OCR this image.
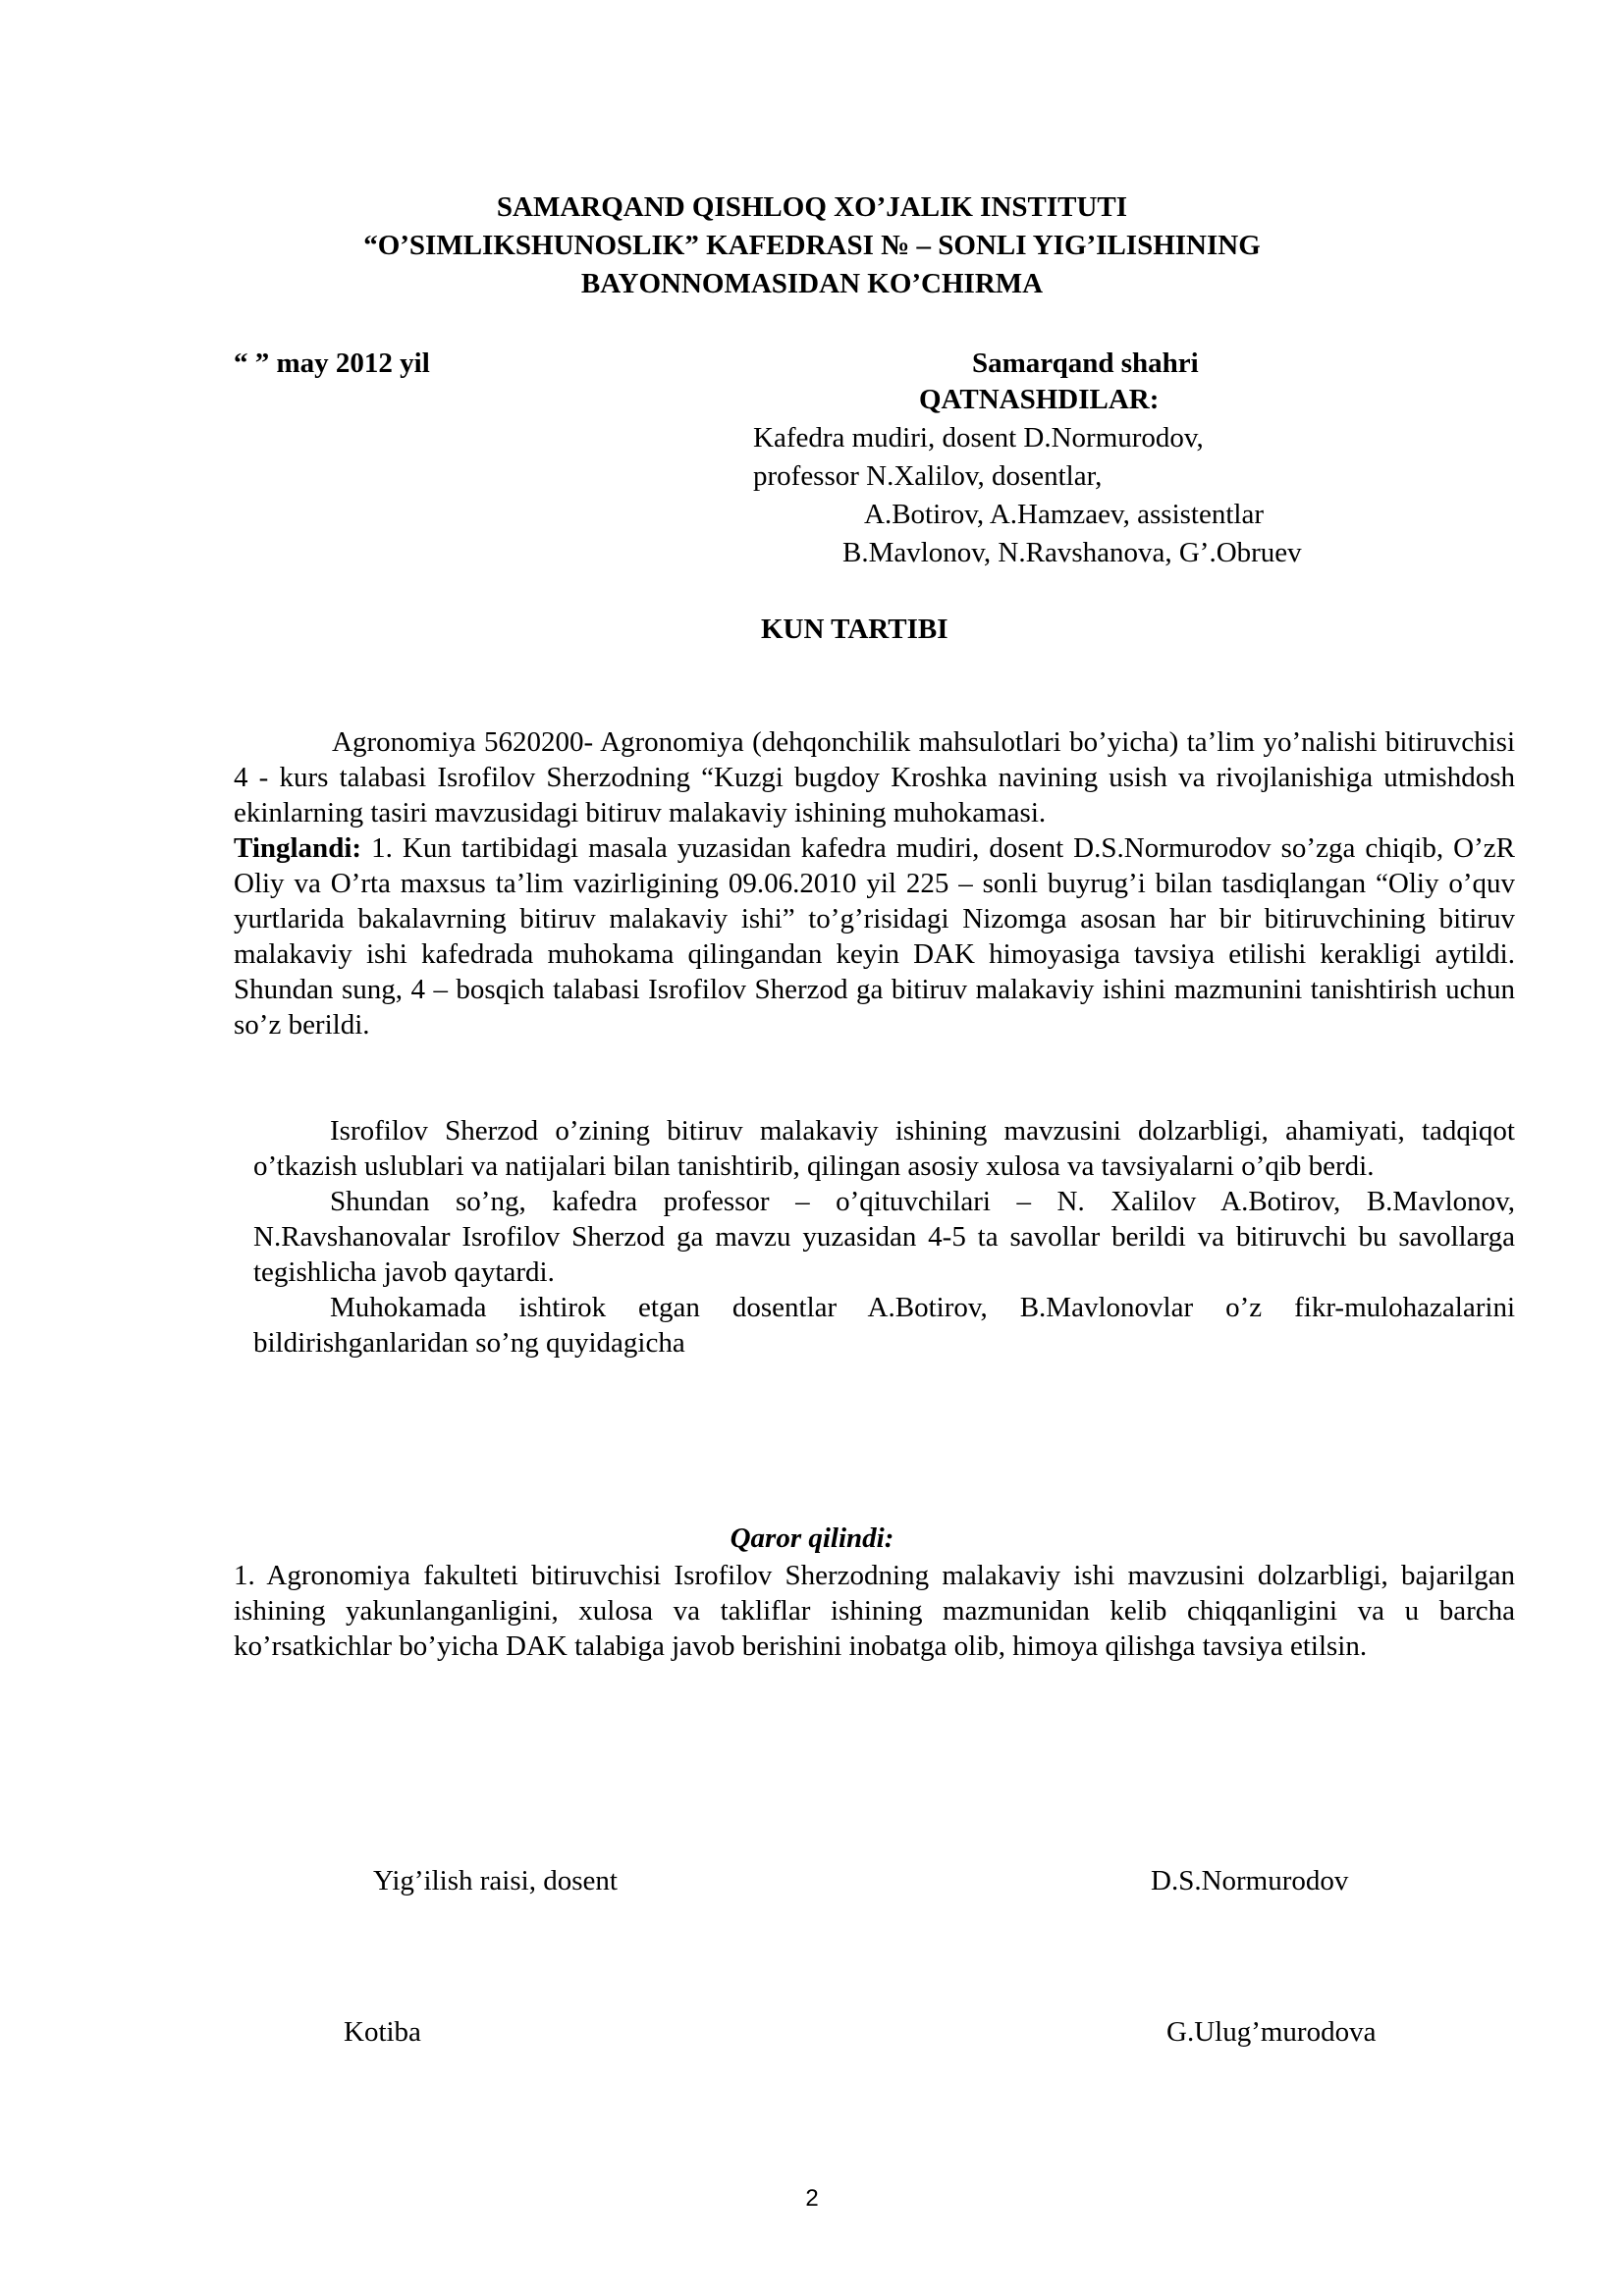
SAMARQAND QISHLOQ XO’JALIK INSTITUTI
“O’SIMLIKSHUNOSLIK” KAFEDRASI № – SONLI YIG’ILISHINING
BAYONNOMASIDAN KO’CHIRMA
“ ” may 2012 yil	Samarqand shahri
QATNASHDILAR:
Kafedra mudiri, dosent D.Normurodov,
professor N.Xalilov, dosentlar,
A.Botirov, A.Hamzaev, assistentlar
B.Mavlonov, N.Ravshanova, G’.Obruev
KUN TARTIBI

Agronomiya 5620200- Agronomiya (dehqonchilik mahsulotlari bo’yicha) ta’lim yo’nalishi bitiruvchisi 4 - kurs talabasi Isrofilov Sherzodning “Kuzgi bugdoy Kroshka navining usish va rivojlanishiga utmishdosh ekinlarning tasiri mavzusidagi bitiruv malakaviy ishining muhokamasi.

Tinglandi: 1. Kun tartibidagi masala yuzasidan kafedra mudiri, dosent D.S.Normurodov so’zga chiqib, O’zR Oliy va O’rta maxsus ta’lim vazirligining 09.06.2010 yil 225 – sonli buyrug’i bilan tasdiqlangan “Oliy o’quv yurtlarida bakalavrning bitiruv malakaviy ishi” to’g’risidagi Nizomga asosan har bir bitiruvchining bitiruv malakaviy ishi kafedrada muhokama qilingandan keyin DAK himoyasiga tavsiya etilishi kerakligi aytildi. Shundan sung, 4 – bosqich talabasi Isrofilov Sherzod ga bitiruv malakaviy ishini mazmunini tanishtirish uchun so’z berildi.

Isrofilov Sherzod o’zining bitiruv malakaviy ishining mavzusini dolzarbligi, ahamiyati, tadqiqot o’tkazish uslublari va natijalari bilan tanishtirib, qilingan asosiy xulosa va tavsiyalarni o’qib berdi.

Shundan so’ng, kafedra professor – o’qituvchilari – N. Xalilov A.Botirov, B.Mavlonov, N.Ravshanovalar Isrofilov Sherzod ga mavzu yuzasidan 4-5 ta savollar berildi va bitiruvchi bu savollarga tegishlicha javob qaytardi.

Muhokamada ishtirok etgan dosentlar A.Botirov, B.Mavlonovlar o’z fikr-mulohazalarini bildirishganlaridan so’ng quyidagicha

Qaror qilindi:

1. Agronomiya fakulteti bitiruvchisi Isrofilov Sherzodning malakaviy ishi mavzusini dolzarbligi, bajarilgan ishining yakunlanganligini, xulosa va takliflar ishining mazmunidan kelib chiqqanligini va u barcha ko’rsatkichlar bo’yicha DAK talabiga javob berishini inobatga olib, himoya qilishga tavsiya etilsin.

Yig’ilish raisi, dosent	D.S.Normurodov
Kotiba	G.Ulug’murodova
2
